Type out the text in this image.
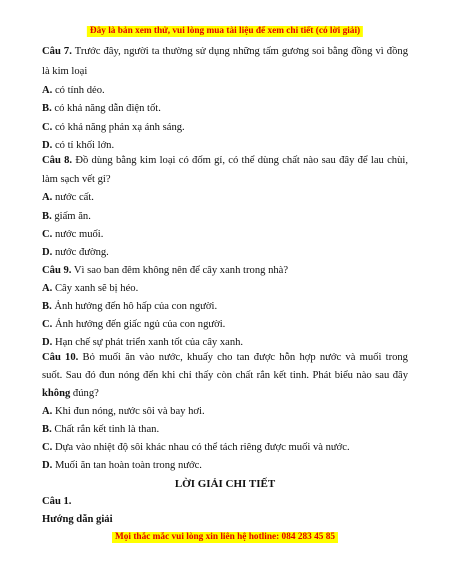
Đây là bản xem thử, vui lòng mua tài liệu để xem chi tiết (có lời giải)
Câu 7. Trước đây, người ta thường sử dụng những tấm gương soi bằng đồng vì đồng
là kim loại
A. có tính dẻo.
B. có khả năng dẫn điện tốt.
C. có khả năng phản xạ ánh sáng.
D. có tỉ khối lớn.
Câu 8. Đồ dùng bằng kim loại có đốm gỉ, có thể dùng chất nào sau đây để lau chùi,
làm sạch vết gỉ?
A. nước cất.
B. giấm ăn.
C. nước muối.
D. nước đường.
Câu 9. Vì sao ban đêm không nên để cây xanh trong nhà?
A. Cây xanh sẽ bị héo.
B. Ảnh hưởng đến hô hấp của con người.
C. Ảnh hưởng đến giấc ngủ của con người.
D. Hạn chế sự phát triển xanh tốt của cây xanh.
Câu 10. Bỏ muối ăn vào nước, khuấy cho tan được hỗn hợp nước và muối trong
suốt. Sau đó đun nóng đến khi chỉ thấy còn chất rắn kết tinh. Phát biểu nào sau đây
không đúng?
A. Khi đun nóng, nước sôi và bay hơi.
B. Chất rắn kết tinh là than.
C. Dựa vào nhiệt độ sôi khác nhau có thể tách riêng được muối và nước.
D. Muối ăn tan hoàn toàn trong nước.
LỜI GIẢI CHI TIẾT
Câu 1.
Hướng dẫn giải
Mọi thắc mắc vui lòng xin liên hệ hotline: 084 283 45 85
